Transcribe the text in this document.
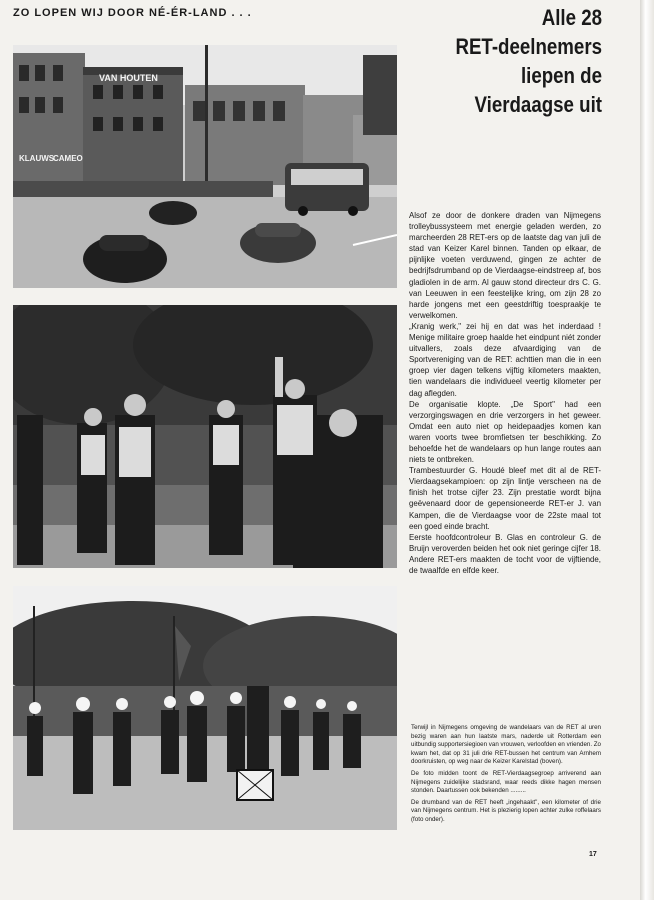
ZO LOPEN WIJ DOOR NÉ-ÉR-LAND . . .	Alle 28
RET-deelnemers
liepen de
Vierdaagse uit
VAN HOUTEN
KLAUWS
CAMEO

Alsof ze door de donkere draden van Nijmegens trolleybussysteem met energie geladen werden, zo marcheerden 28 RET-ers op de laatste dag van juli de stad van Keizer Karel binnen. Tanden op elkaar, de pijnlijke voeten verduwend, gingen ze achter de bedrijfsdrumband op de Vierdaagse-eindstreep af, bos gladiolen in de arm. Al gauw stond directeur drs C. G. van Leeuwen in een feestelijke kring, om zijn 28 zo harde jongens met een geestdriftig toespraakje te verwelkomen.

„Kranig werk," zei hij en dat was het inderdaad ! Menige militaire groep haalde het eindpunt niét zonder uitvallers, zoals deze afvaardiging van de Sportvereniging van de RET: achttien man die in een groep vier dagen telkens vijftig kilometers maakten, tien wandelaars die individueel veertig kilometer per dag aflegden.

De organisatie klopte. „De Sport" had een verzorgingswagen en drie verzorgers in het geweer. Omdat een auto niet op heidepaadjes komen kan waren voorts twee bromfietsen ter beschikking. Zo behoefde het de wandelaars op hun lange routes aan niets te ontbreken.

Trambestuurder G. Houdé bleef met dit al de RET-Vierdaagsekampioen: op zijn lintje verscheen na de finish het trotse cijfer 23. Zijn prestatie wordt bijna geëvenaard door de gepensioneerde RET-er J. van Kampen, die de Vierdaagse voor de 22ste maal tot een goed einde bracht.

Eerste hoofdcontroleur B. Glas en controleur G. de Bruijn veroverden beiden het ook niet geringe cijfer 18. Andere RET-ers maakten de tocht voor de vijftiende, de twaalfde en elfde keer.

Terwijl in Nijmegens omgeving de wandelaars van de RET al uren bezig waren aan hun laatste mars, naderde uit Rotterdam een uitbundig supportersiegioen van vrouwen, verloofden en vrienden. Zo kwam het, dat op 31 juli drie RET-bussen het centrum van Arnhem doorkruisten, op weg naar de Keizer Karelstad (boven).

De foto midden toont de RET-Vierdaagsegroep arriverend aan Nijmegens zuidelijke stadsrand, waar reeds dikke hagen mensen stonden. Daartussen ook bekenden .........

De drumband van de RET heeft „ingehaakt", een kilometer of drie van Nijmegens centrum. Het is plezierig lopen achter zulke roffelaars (foto onder).

17
